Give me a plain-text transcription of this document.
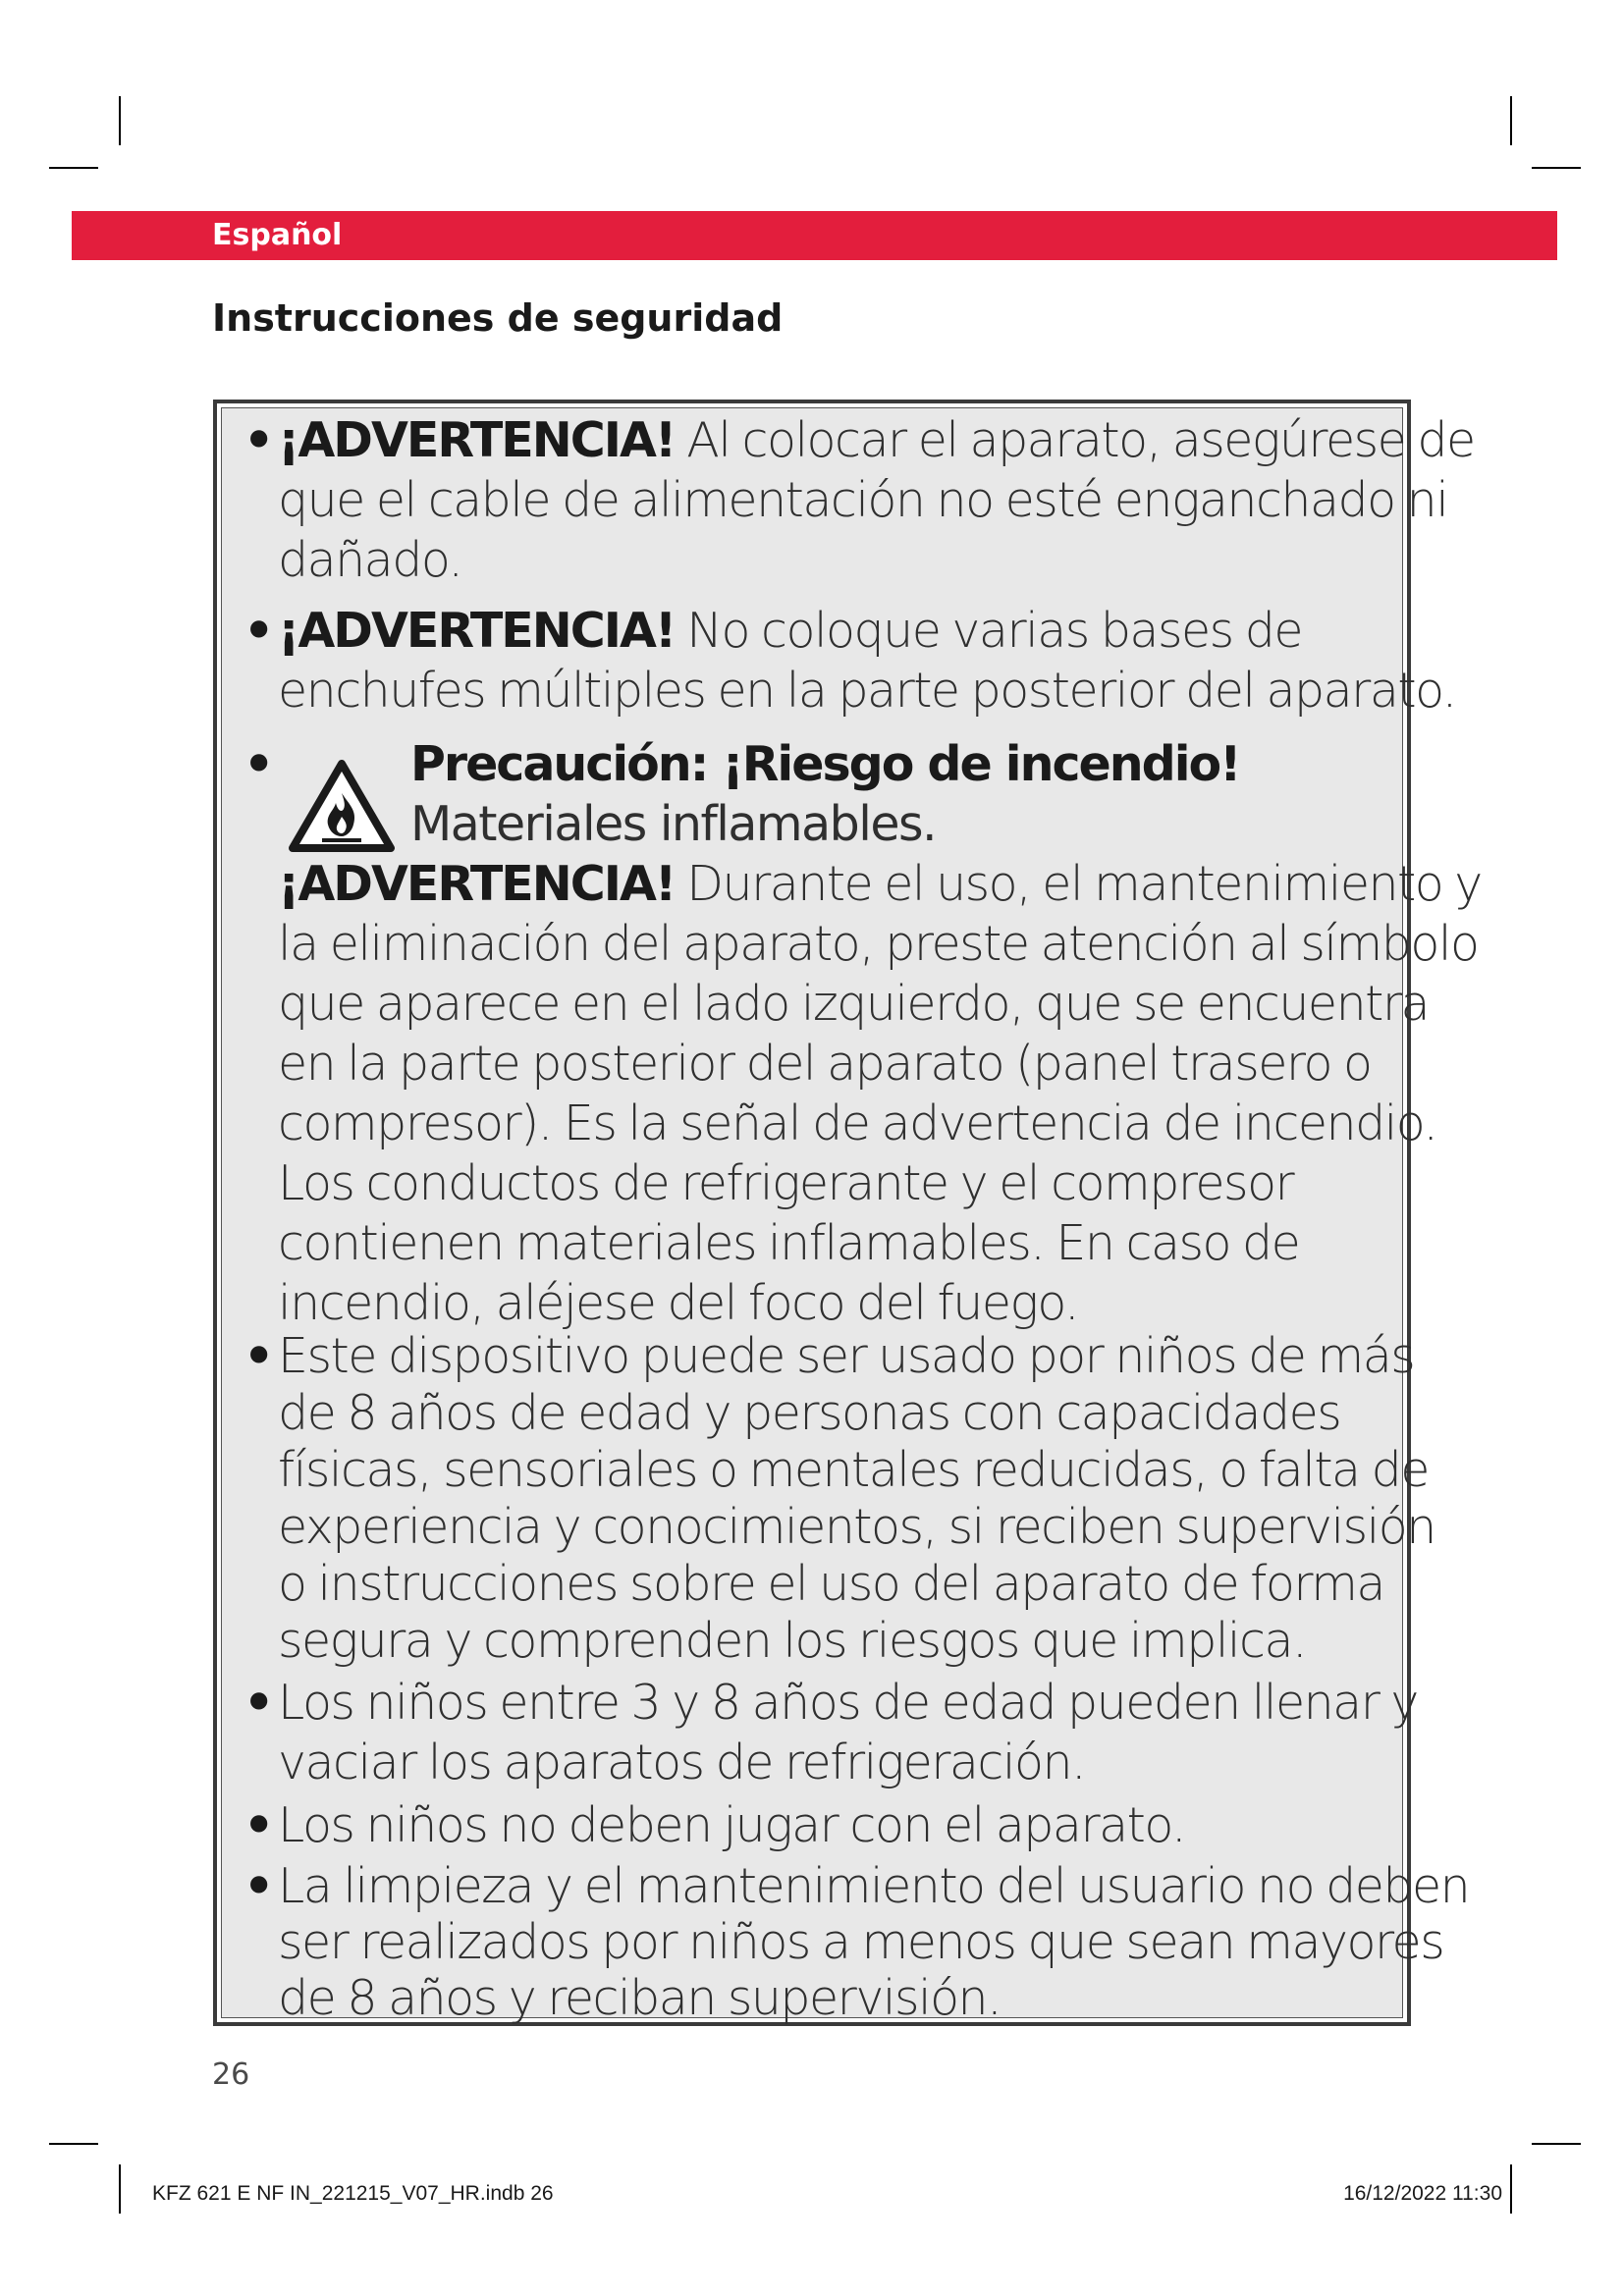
Español
Instrucciones de seguridad
• ¡ADVERTENCIA! Al colocar el aparato, asegúrese de
que el cable de alimentación no esté enganchado ni
dañado.
• ¡ADVERTENCIA! No coloque varias bases de
enchufes múltiples en la parte posterior del aparato.
•	Precaución: ¡Riesgo de incendio!
Materiales inflamables.
¡ADVERTENCIA! Durante el uso, el mantenimiento y
la eliminación del aparato, preste atención al símbolo
que aparece en el lado izquierdo, que se encuentra
en la parte posterior del aparato (panel trasero o
compresor). Es la señal de advertencia de incendio.
Los conductos de refrigerante y el compresor
contienen materiales inflamables. En caso de
incendio, aléjese del foco del fuego.
• Este dispositivo puede ser usado por niños de más
de 8 años de edad y personas con capacidades
físicas, sensoriales o mentales reducidas, o falta de
experiencia y conocimientos, si reciben supervisión
o instrucciones sobre el uso del aparato de forma
segura y comprenden los riesgos que implica.
• Los niños entre 3 y 8 años de edad pueden llenar y
vaciar los aparatos de refrigeración.
• Los niños no deben jugar con el aparato.
• La limpieza y el mantenimiento del usuario no deben
ser realizados por niños a menos que sean mayores
de 8 años y reciban supervisión.
26
KFZ 621 E NF IN_221215_V07_HR.indb 26	16/12/2022 11:30
